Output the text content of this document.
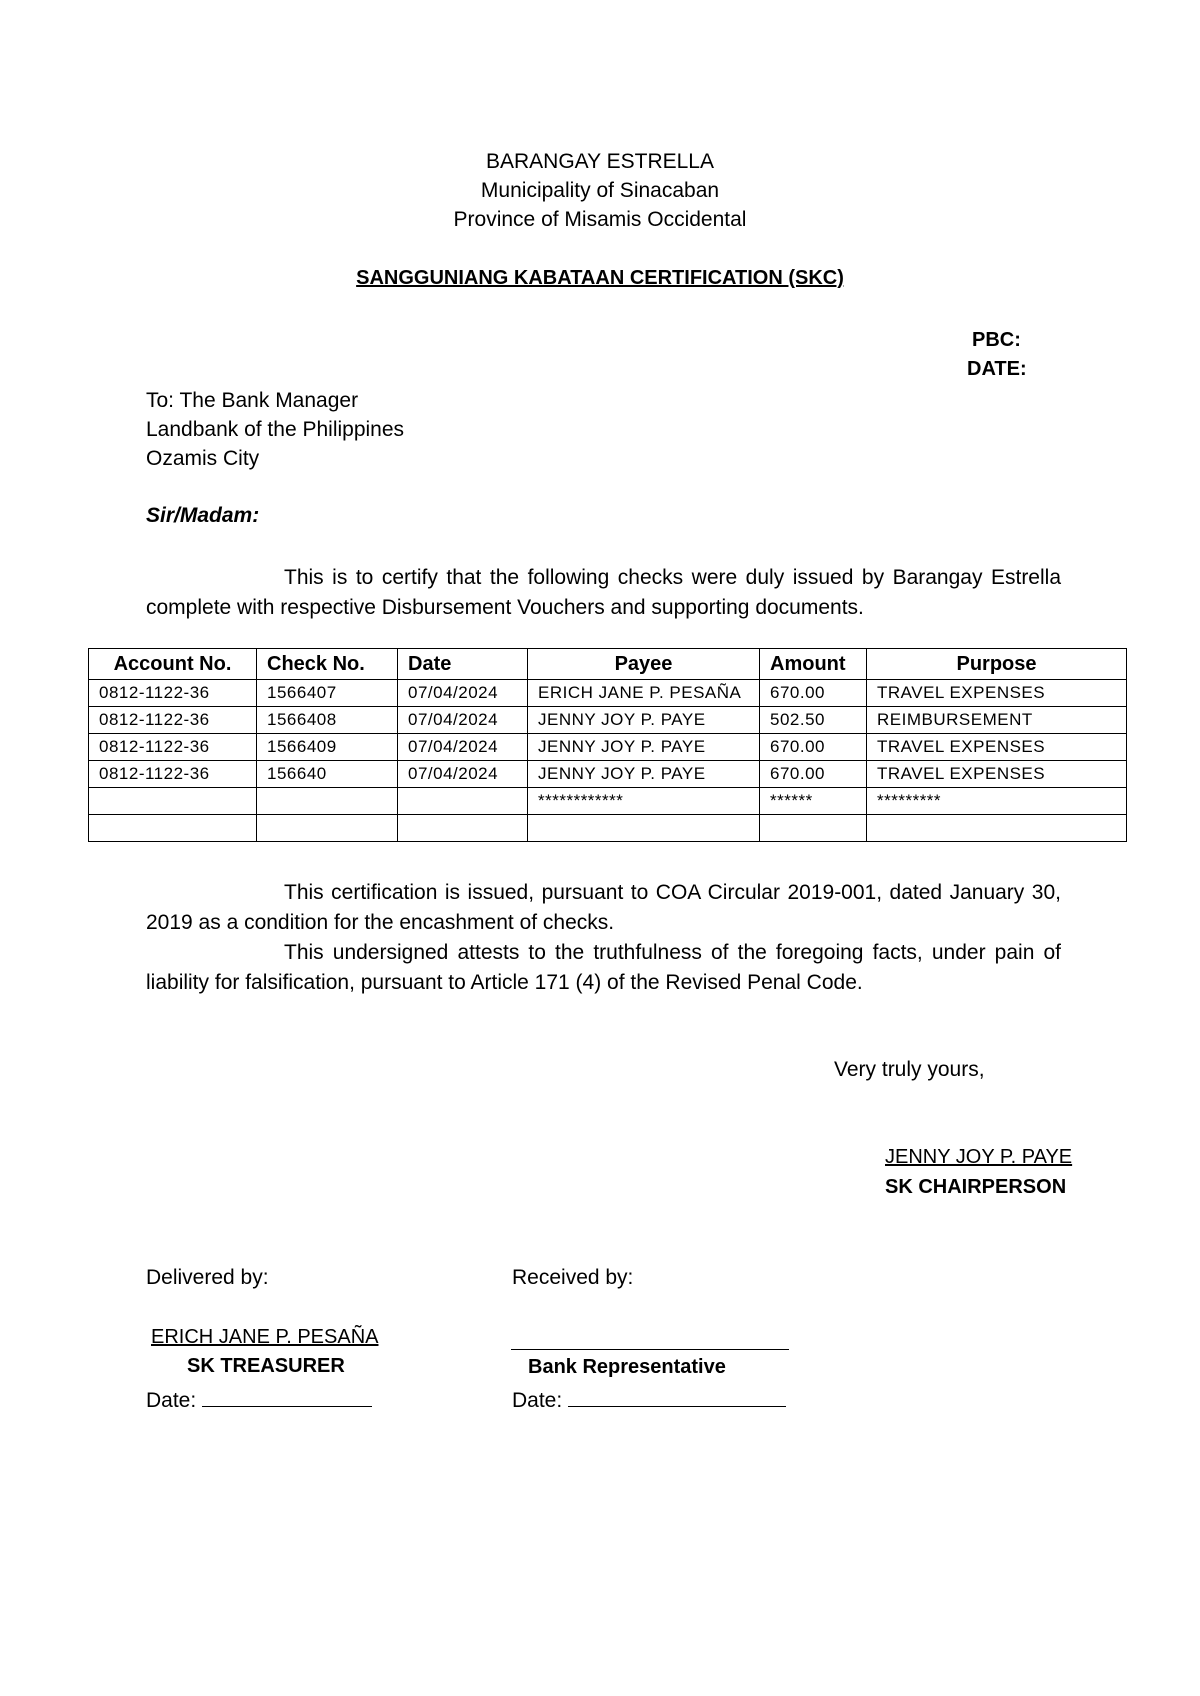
BARANGAY ESTRELLA
Municipality of Sinacaban
Province of Misamis Occidental
SANGGUNIANG KABATAAN CERTIFICATION (SKC)
PBC:
DATE:
To: The Bank Manager
Landbank of the Philippines
Ozamis City
Sir/Madam:
This is to certify that the following checks were duly issued by Barangay Estrella complete with respective Disbursement Vouchers and supporting documents.
Account No.	Check No.	Date	Payee	Amount	Purpose
0812-1122-36	1566407	07/04/2024	ERICH JANE P. PESAÑA	670.00	TRAVEL EXPENSES
0812-1122-36	1566408	07/04/2024	JENNY JOY P. PAYE	502.50	REIMBURSEMENT
0812-1122-36	1566409	07/04/2024	JENNY JOY P. PAYE	670.00	TRAVEL EXPENSES
0812-1122-36	156640	07/04/2024	JENNY JOY P. PAYE	670.00	TRAVEL EXPENSES
			************	******	*********

This certification is issued, pursuant to COA Circular 2019-001, dated January 30, 2019 as a condition for the encashment of checks.
This undersigned attests to the truthfulness of the foregoing facts, under pain of liability for falsification, pursuant to Article 171 (4) of the Revised Penal Code.
Very truly yours,
JENNY JOY P. PAYE
SK CHAIRPERSON
Delivered by:	Received by:
ERICH JANE P. PESAÑA
SK TREASURER	Bank Representative
Date:	Date:
